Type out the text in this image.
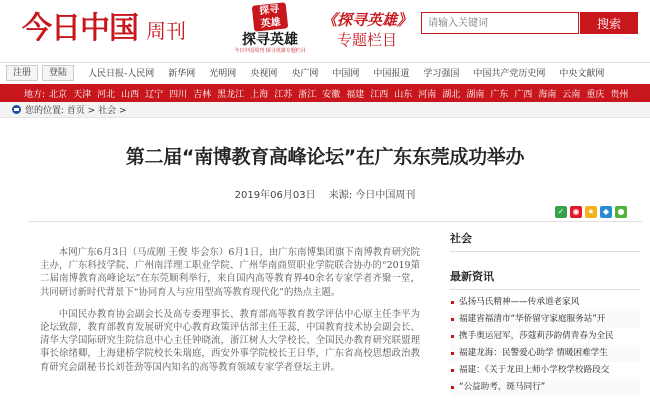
今日中国 周刊
探寻
英雄
探寻英雄
今日中国周刊 探寻英雄专题栏目
《探寻英雄》
专题栏目
请输入关键词
搜索
注册	登陆	人民日报-人民网 新华网 光明网 央视网 央广网 中国网 中国报道 学习强国 中国共产党历史网 中央文献网
地方: 北京 天津 河北 山西 辽宁 四川 吉林 黑龙江 上海 江苏 浙江 安徽 福建 江西 山东 河南 湖北 湖南 广东 广西 海南 云南 重庆 贵州
您的位置: 首页 > 社会 >
第二届“南博教育高峰论坛”在广东东莞成功举办
2019年06月03日 来源: 今日中国周刊
✓	◉ ★	◆	●

本网广东6月3日（马成刚 王俊 毕会东）6月1日，由广东南博集团旗下南博教育研究院主办，广东科技学院、广州南洋理工职业学院、广州华南商贸职业学院联合协办的“2019第二届南博教育高峰论坛”在东莞顺利举行，来自国内高等教育界40余名专家学者齐聚一堂，共同研讨新时代背景下“协同育人与应用型高等教育现代化”的热点主题。

中国民办教育协会副会长及高专委理事长、教育部高等教育教学评估中心原主任李平为论坛致辞，教育部教育发展研究中心教育政策评估部主任王蕊，中国教育技术协会副会长、清华大学国际研究生院信息中心主任钟晓流，浙江树人大学校长、全国民办教育研究联盟理事长徐绪卿，上海建桥学院校长朱瑞庭，西安外事学院校长王日华，广东省高校思想政治教育研究会副秘书长刘苍劲等国内知名的高等教育领域专家学者登坛主讲。

社会
最新资讯
弘扬马氏精神——传承道老家风
福建省福清市“华侨留守家庭服务站”开
携手奥运冠军，莎蔻莉莎韵倩青春为全民
福建龙海：民警爱心助学 情暖困难学生
福建：《关于龙田上师小学校学校路段交
“公益助考，斑马同行”
